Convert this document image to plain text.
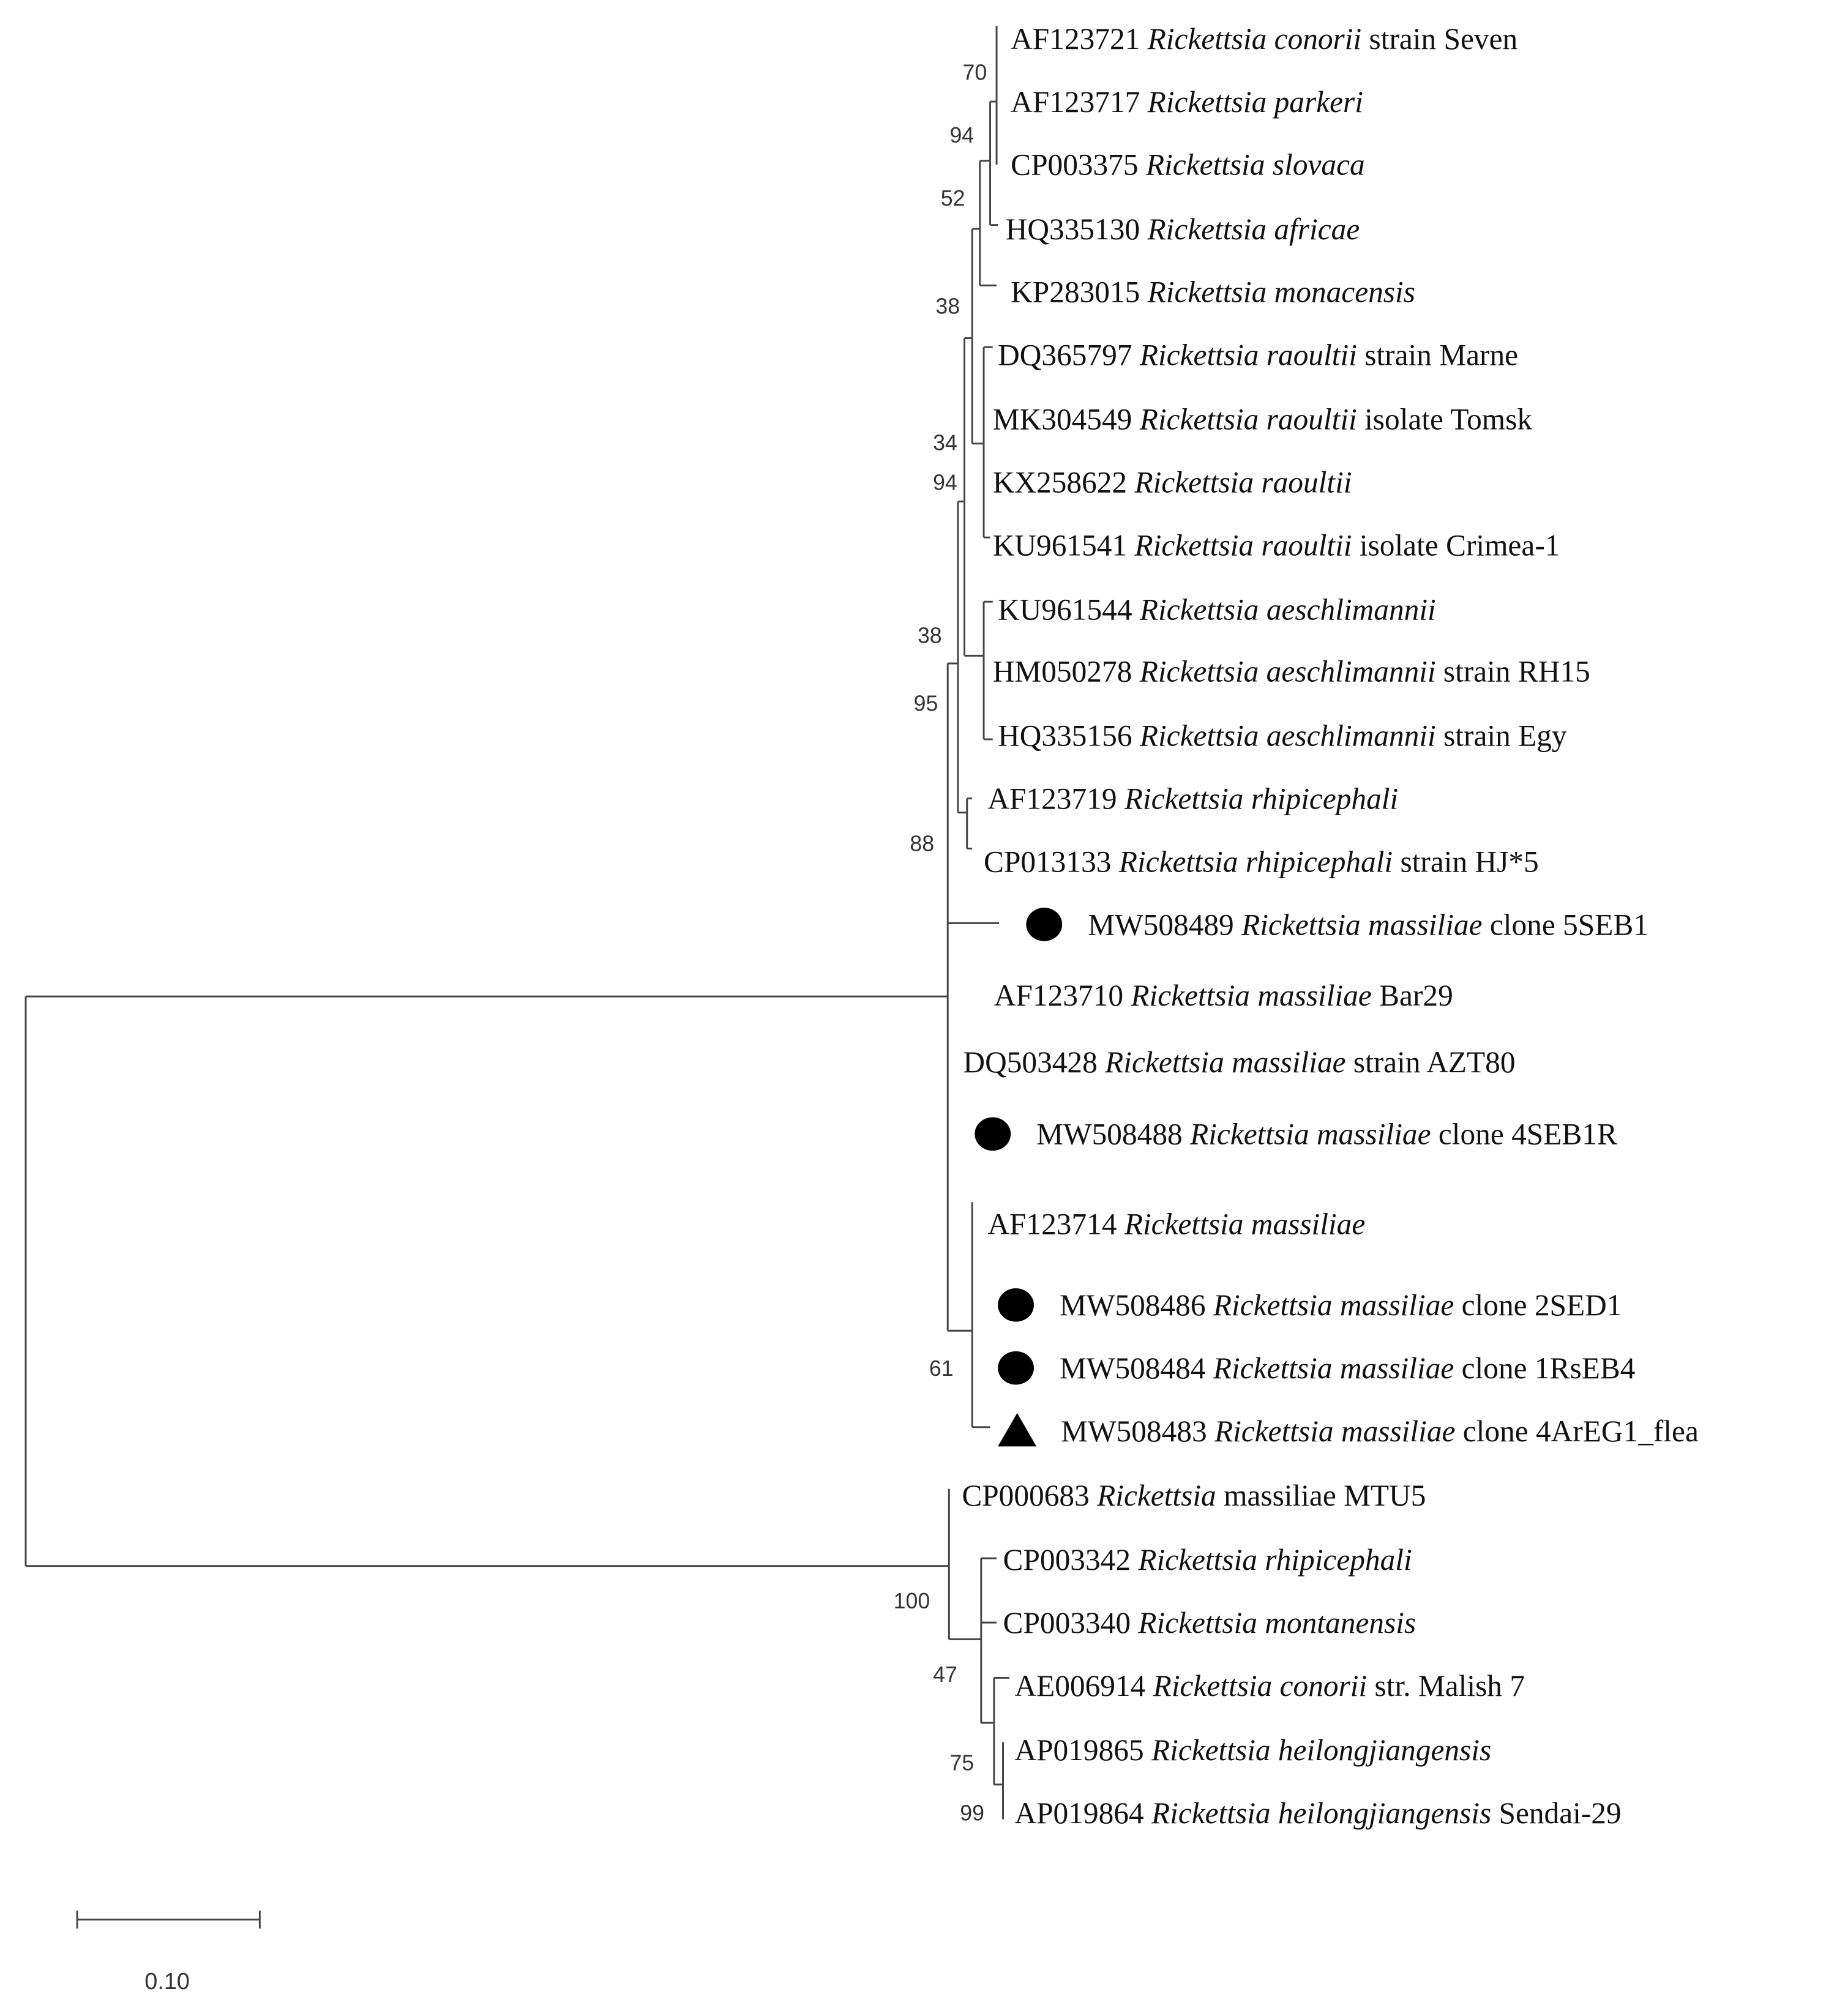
AF123721 Rickettsia conorii strain Seven
AF123717 Rickettsia parkeri
CP003375 Rickettsia slovaca
HQ335130 Rickettsia africae
KP283015 Rickettsia monacensis
DQ365797 Rickettsia raoultii strain Marne
MK304549 Rickettsia raoultii isolate Tomsk
KX258622 Rickettsia raoultii
KU961541 Rickettsia raoultii isolate Crimea-1
KU961544 Rickettsia aeschlimannii
HM050278 Rickettsia aeschlimannii strain RH15
HQ335156 Rickettsia aeschlimannii strain Egy
AF123719 Rickettsia rhipicephali
CP013133 Rickettsia rhipicephali strain HJ*5
MW508489 Rickettsia massiliae clone 5SEB1
AF123710 Rickettsia massiliae Bar29
DQ503428 Rickettsia massiliae strain AZT80
MW508488 Rickettsia massiliae clone 4SEB1R
AF123714 Rickettsia massiliae
MW508486 Rickettsia massiliae clone 2SED1
MW508484 Rickettsia massiliae clone 1RsEB4
MW508483 Rickettsia massiliae clone 4ArEG1_flea
CP000683 Rickettsia massiliae MTU5
CP003342 Rickettsia rhipicephali
CP003340 Rickettsia montanensis
AE006914 Rickettsia conorii str. Malish 7
AP019865 Rickettsia heilongjiangensis
AP019864 Rickettsia heilongjiangensis Sendai-29
70
94
52
38
34
94
38
95
88
61
100
47
75
99
0.10
